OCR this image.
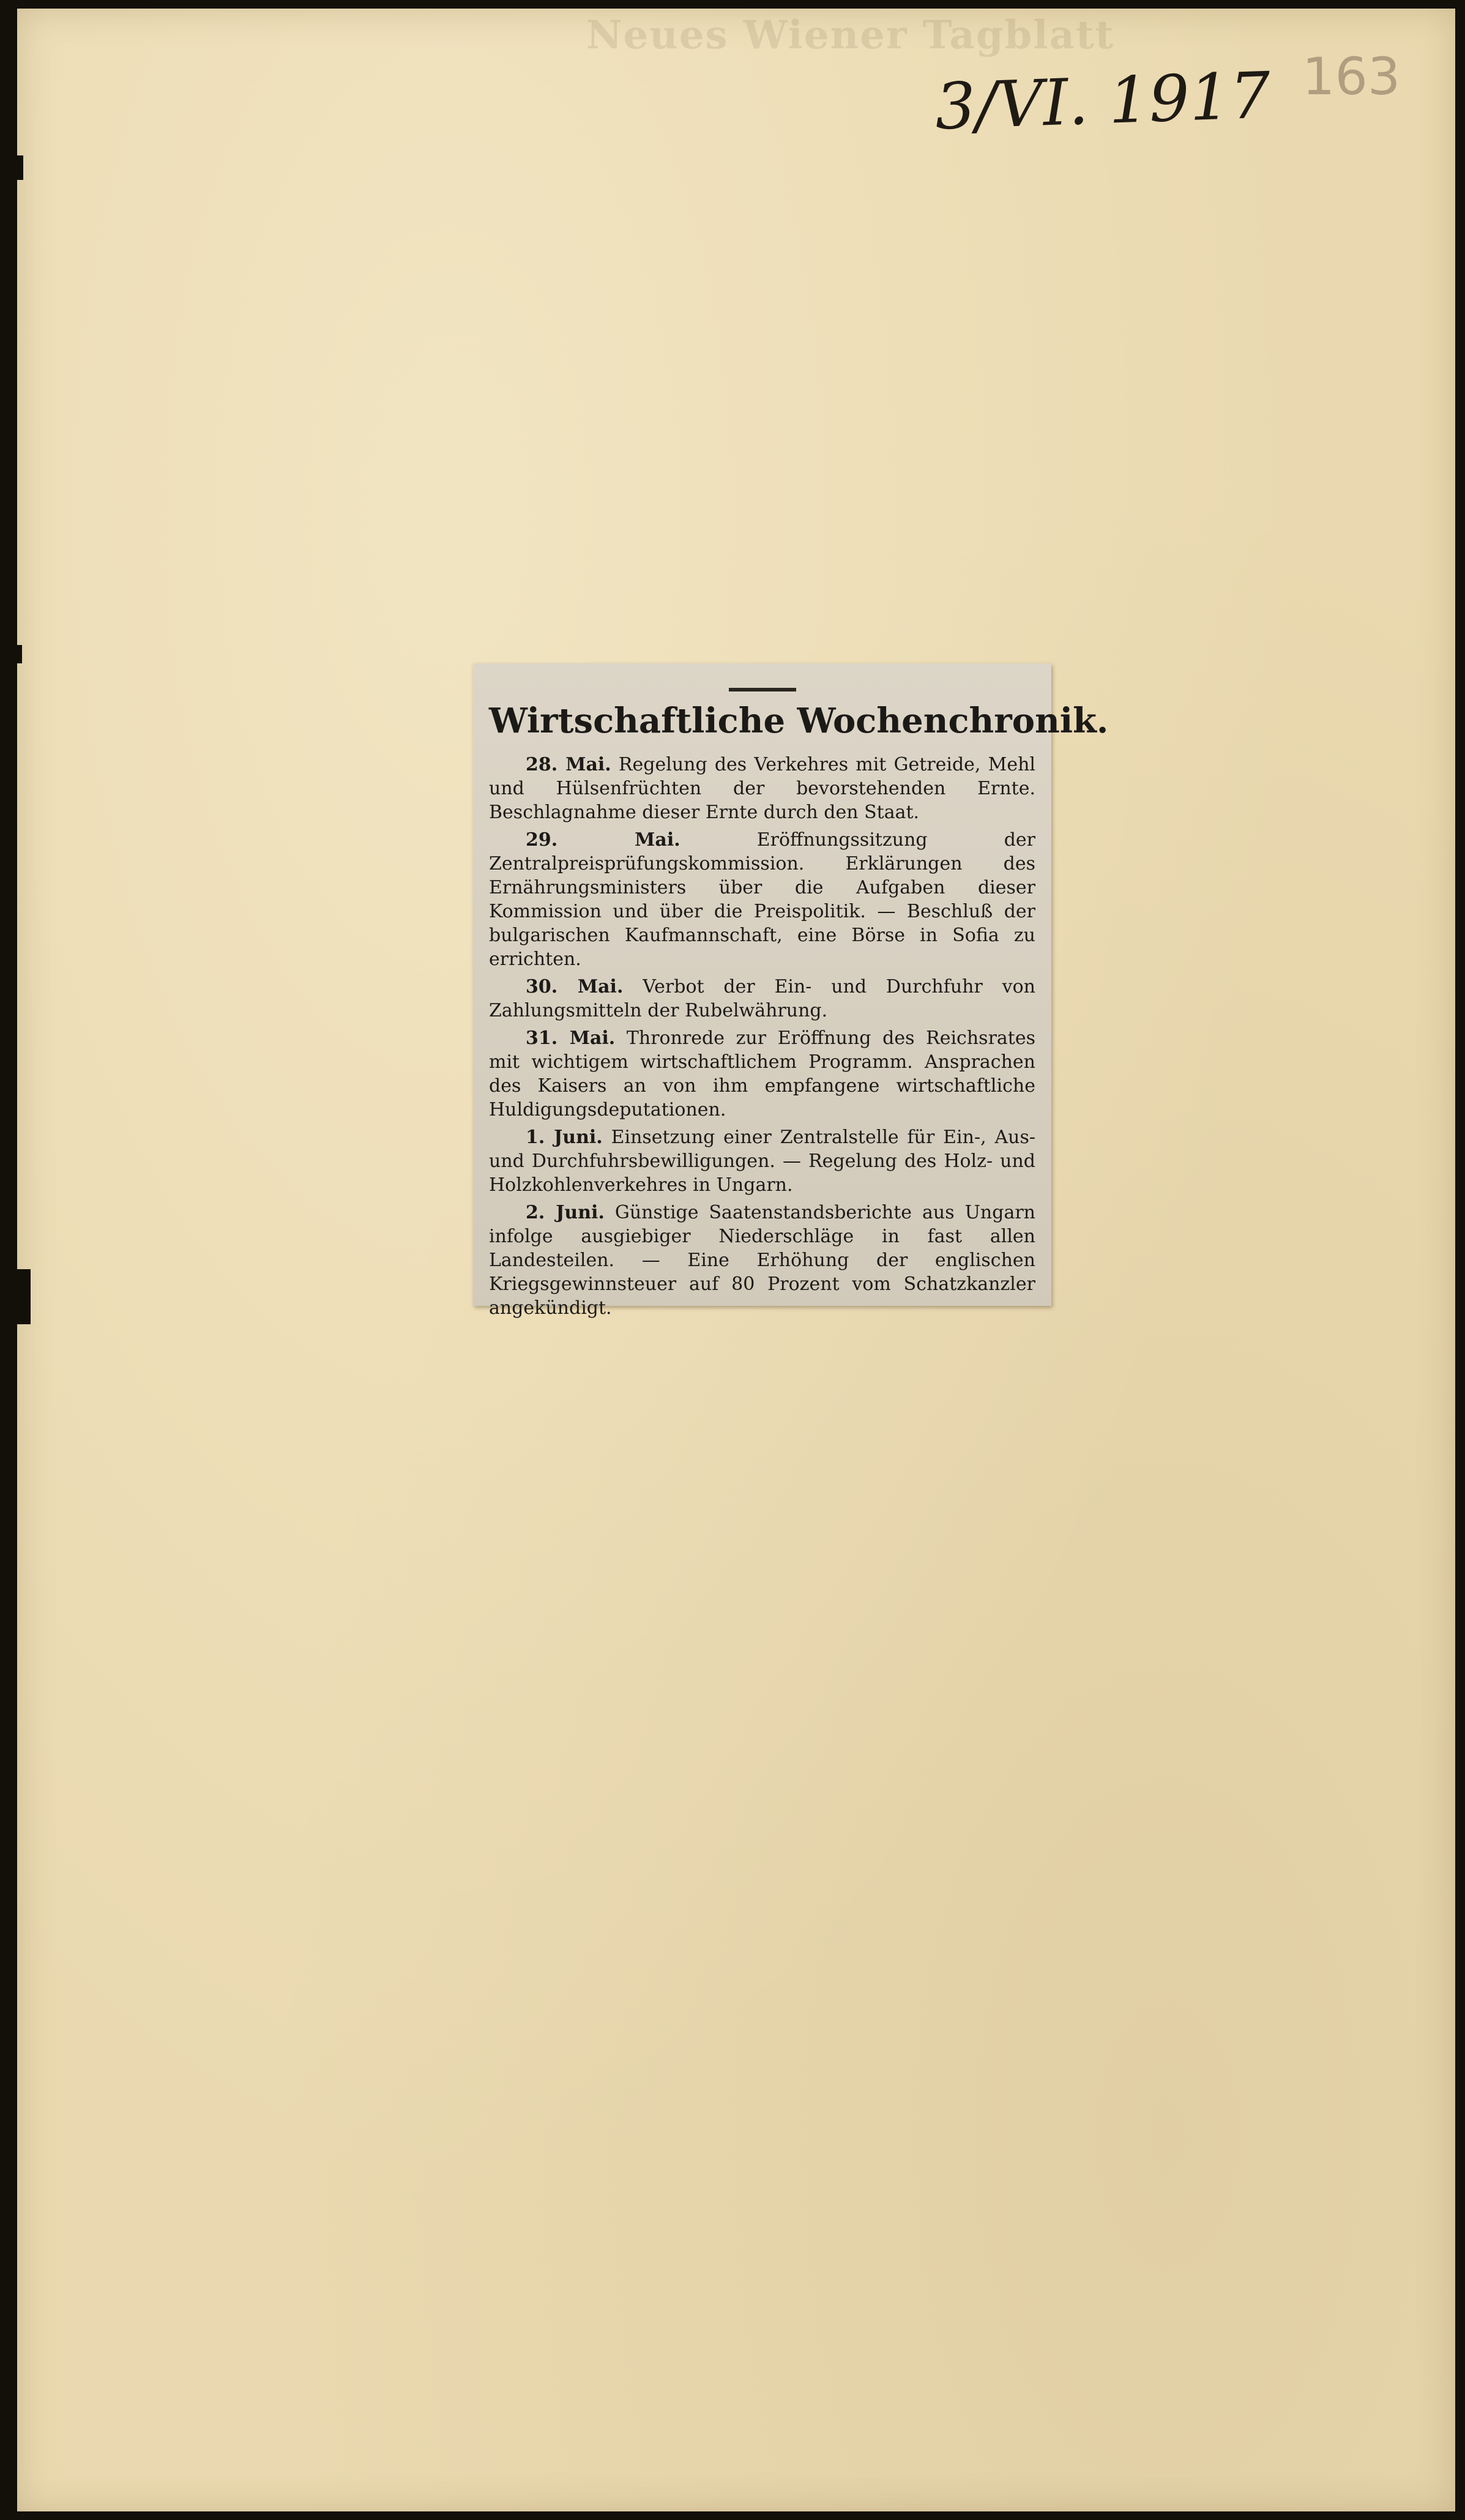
Neues Wiener Tagblatt
3/VI. 1917 163
Wirtschaftliche Wochenchronik.

28. Mai. Regelung des Verkehres mit Getreide, Mehl und Hülsenfrüchten der bevorstehenden Ernte. Beschlagnahme dieser Ernte durch den Staat.

29. Mai.	Eröffnungssitzung der Zentralpreisprüfungskommission. Erklärungen des Ernährungsministers über die Aufgaben dieser Kommission und über die Preispolitik. — Beschluß der bulgarischen Kaufmannschaft, eine Börse in Sofia zu errichten.

30. Mai. Verbot der Ein- und Durchfuhr von Zahlungsmitteln der Rubelwährung.

31. Mai. Thronrede zur Eröffnung des Reichsrates mit wichtigem wirtschaftlichem Programm. Ansprachen des Kaisers an von ihm empfangene wirtschaftliche Huldigungsdeputationen.

1. Juni. Einsetzung einer Zentralstelle für Ein-, Aus- und Durchfuhrsbewilligungen. — Regelung des Holz- und Holzkohlenverkehres in Ungarn.

2. Juni. Günstige Saatenstandsberichte aus Ungarn infolge ausgiebiger Niederschläge in fast allen Landesteilen. — Eine Erhöhung der englischen Kriegsgewinnsteuer auf 80 Prozent vom Schatzkanzler angekündigt.
